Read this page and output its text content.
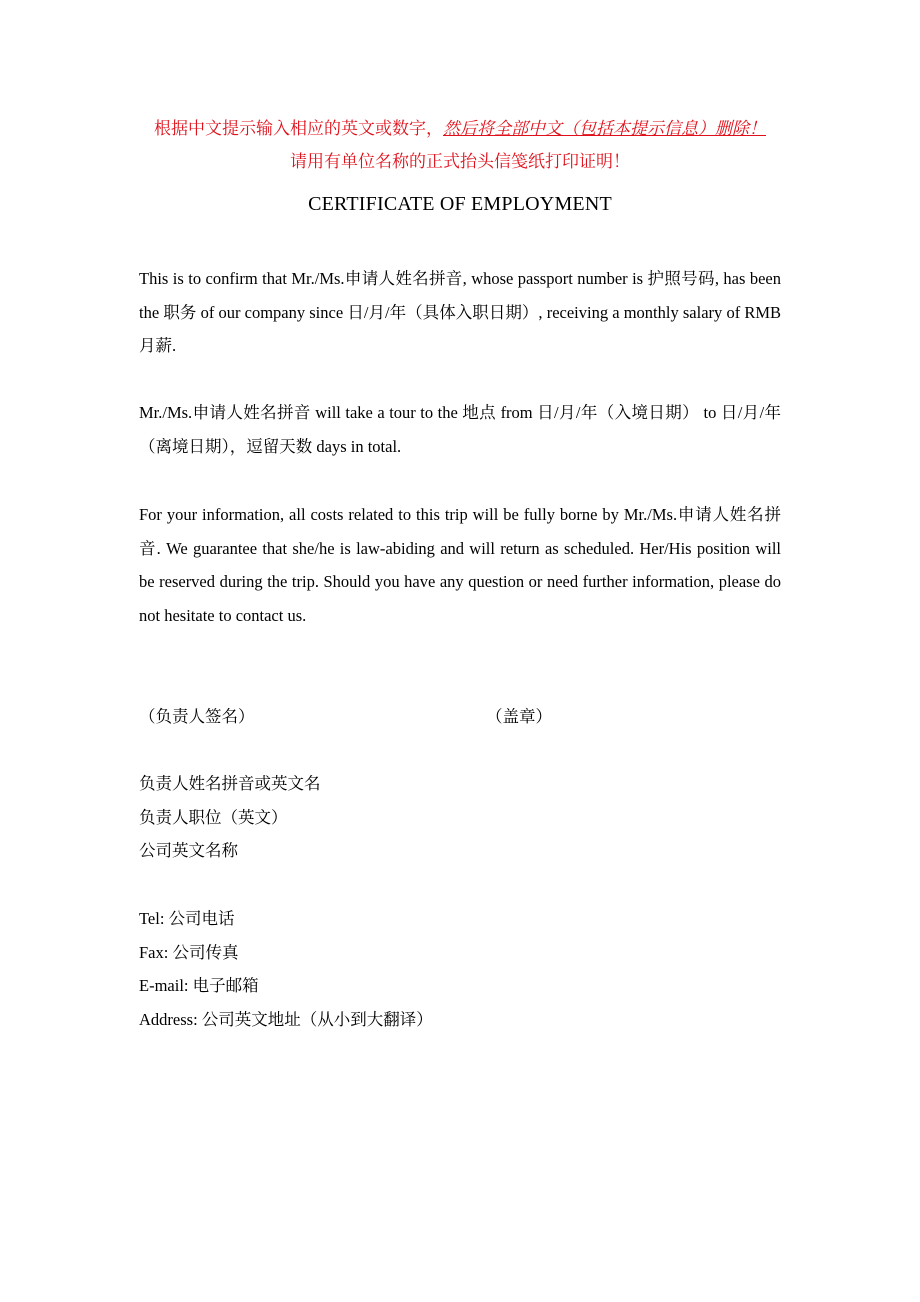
根据中文提示输入相应的英文或数字，然后将全部中文（包括本提示信息）删除！
请用有单位名称的正式抬头信笺纸打印证明！
CERTIFICATE OF EMPLOYMENT
This is to confirm that Mr./Ms.申请人姓名拼音, whose passport number is 护照号码, has been the 职务 of our company since 日/月/年（具体入职日期）, receiving a monthly salary of RMB 月薪.
Mr./Ms.申请人姓名拼音 will take a tour to the 地点 from 日/月/年（入境日期） to 日/月/年（离境日期），逗留天数 days in total.
For your information, all costs related to this trip will be fully borne by Mr./Ms.申请人姓名拼音. We guarantee that she/he is law-abiding and will return as scheduled. Her/His position will be reserved during the trip. Should you have any question or need further information, please do not hesitate to contact us.
（负责人签名）	（盖章）
负责人姓名拼音或英文名
负责人职位（英文）
公司英文名称
Tel: 公司电话
Fax: 公司传真
E-mail: 电子邮箱
Address: 公司英文地址（从小到大翻译）
